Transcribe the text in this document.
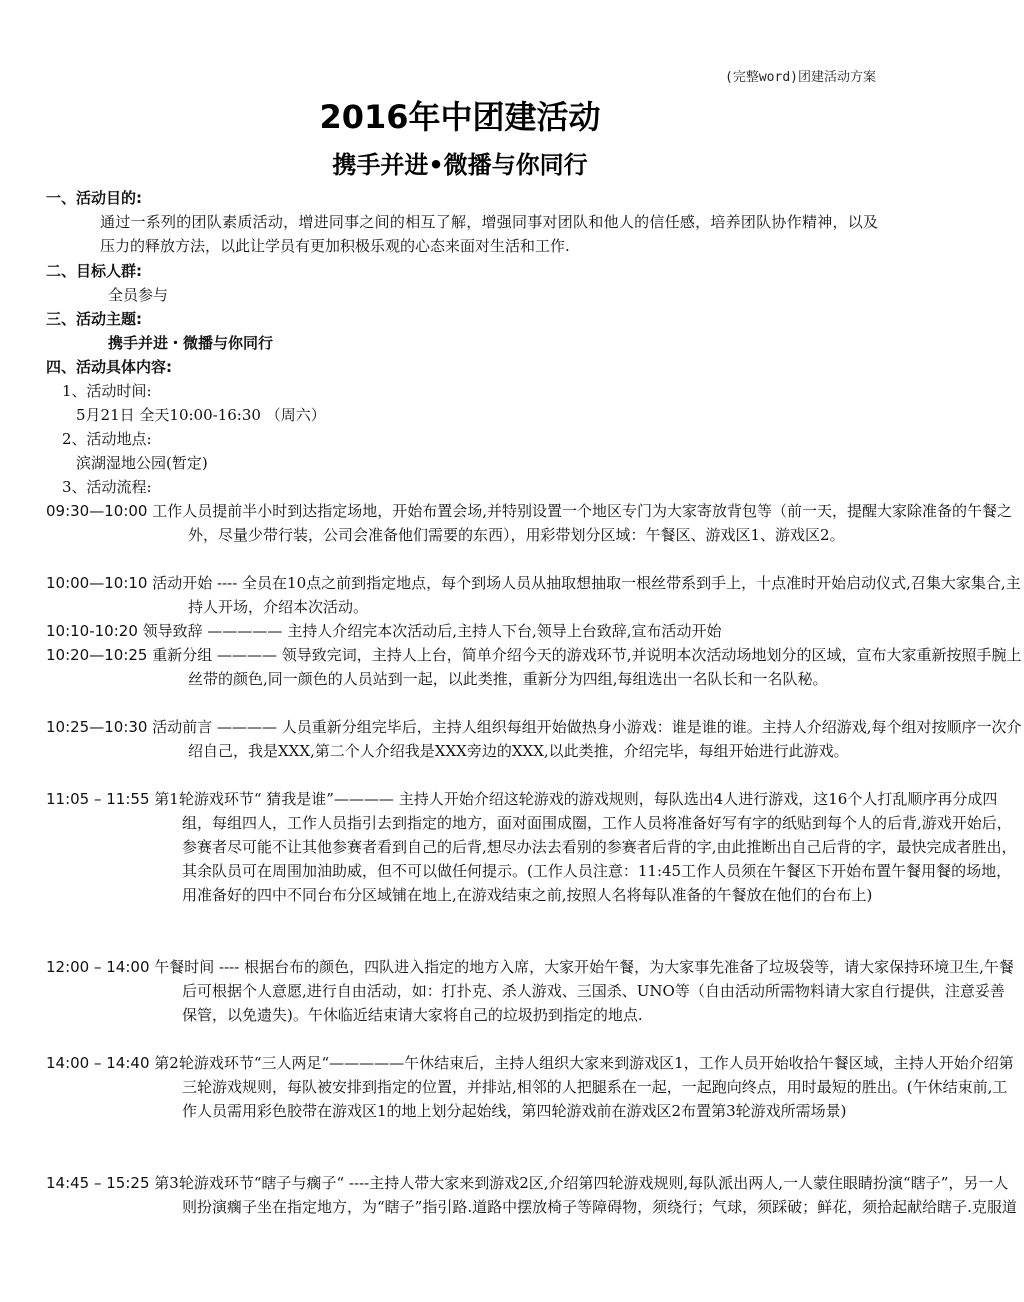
(完整word)团建活动方案
2016年中团建活动
携手并进•微播与你同行
一、活动目的:
通过一系列的团队素质活动，增进同事之间的相互了解，增强同事对团队和他人的信任感，培养团队协作精神，以及压力的释放方法，以此让学员有更加积极乐观的心态来面对生活和工作.
二、目标人群:
全员参与
三、活动主题:
携手并进・微播与你同行
四、活动具体内容:
1、活动时间:
5月21日 全天10:00-16:30 （周六）
2、活动地点:
滨湖湿地公园(暂定)
3、活动流程:
09:30—10:00 工作人员提前半小时到达指定场地，开始布置会场,并特别设置一个地区专门为大家寄放背包等（前一天，提醒大家除准备的午餐之外，尽量少带行装，公司会准备他们需要的东西），用彩带划分区域：午餐区、游戏区1、游戏区2。
10:00—10:10 活动开始 ---- 全员在10点之前到指定地点，每个到场人员从抽取想抽取一根丝带系到手上，十点准时开始启动仪式,召集大家集合,主持人开场，介绍本次活动。
10:10-10:20 领导致辞 ————— 主持人介绍完本次活动后,主持人下台,领导上台致辞,宣布活动开始
10:20—10:25 重新分组 ———— 领导致完词，主持人上台，简单介绍今天的游戏环节,并说明本次活动场地划分的区域，宣布大家重新按照手腕上丝带的颜色,同一颜色的人员站到一起，以此类推，重新分为四组,每组选出一名队长和一名队秘。
10:25—10:30 活动前言 ———— 人员重新分组完毕后，主持人组织每组开始做热身小游戏：谁是谁的谁。主持人介绍游戏,每个组对按顺序一次介绍自己，我是XXX,第二个人介绍我是XXX旁边的XXX,以此类推，介绍完毕，每组开始进行此游戏。
11:05 – 11:55 第1轮游戏环节“ 猜我是谁”———— 主持人开始介绍这轮游戏的游戏规则，每队选出4人进行游戏，这16个人打乱顺序再分成四组，每组四人，工作人员指引去到指定的地方，面对面围成圈，工作人员将准备好写有字的纸贴到每个人的后背,游戏开始后，参赛者尽可能不让其他参赛者看到自己的后背,想尽办法去看别的参赛者后背的字,由此推断出自己后背的字，最快完成者胜出，其余队员可在周围加油助威，但不可以做任何提示。(工作人员注意：11:45工作人员须在午餐区下开始布置午餐用餐的场地，用准备好的四中不同台布分区域铺在地上,在游戏结束之前,按照人名将每队准备的午餐放在他们的台布上)
12:00 – 14:00 午餐时间 ---- 根据台布的颜色，四队进入指定的地方入席，大家开始午餐，为大家事先准备了垃圾袋等，请大家保持环境卫生,午餐后可根据个人意愿,进行自由活动，如：打扑克、杀人游戏、三国杀、UNO等（自由活动所需物料请大家自行提供，注意妥善保管，以免遗失)。午休临近结束请大家将自己的垃圾扔到指定的地点.
14:00 – 14:40 第2轮游戏环节“三人两足“—————午休结束后，主持人组织大家来到游戏区1，工作人员开始收拾午餐区域，主持人开始介绍第三轮游戏规则，每队被安排到指定的位置，并排站,相邻的人把腿系在一起，一起跑向终点，用时最短的胜出。(午休结束前,工作人员需用彩色胶带在游戏区1的地上划分起始线，第四轮游戏前在游戏区2布置第3轮游戏所需场景)
14:45 – 15:25 第3轮游戏环节“瞎子与瘸子“ ----主持人带大家来到游戏2区,介绍第四轮游戏规则,每队派出两人,一人蒙住眼睛扮演“瞎子”，另一人则扮演瘸子坐在指定地方，为“瞎子”指引路.道路中摆放椅子等障碍物，须绕行；气球，须踩破；鲜花，须拾起献给瞎子.克服道
